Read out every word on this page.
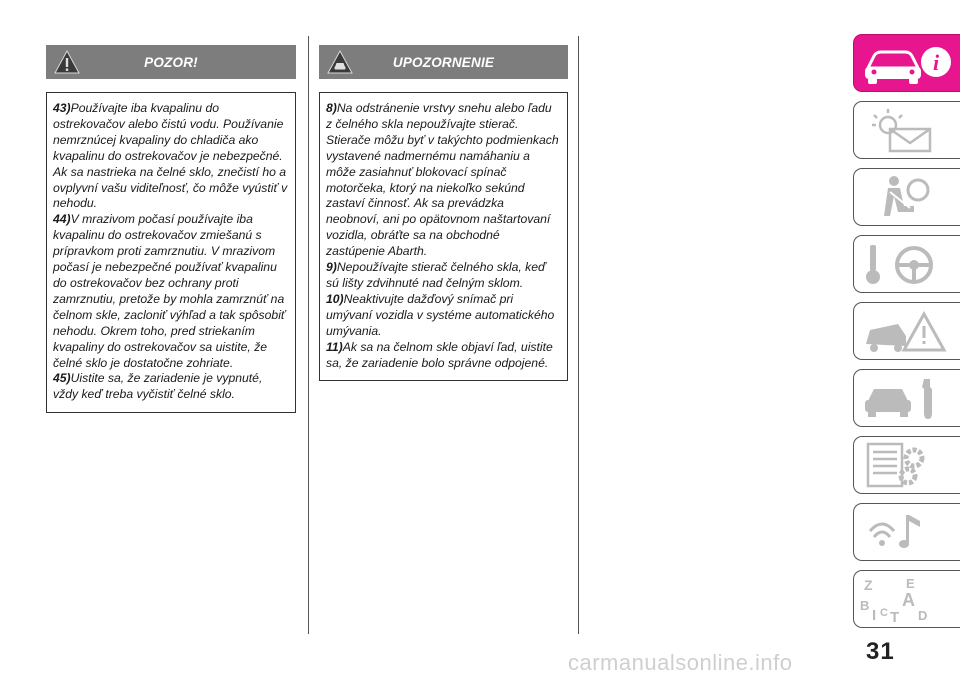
POZOR!

43)Používajte iba kvapalinu do ostrekovačov alebo čistú vodu. Používanie nemrznúcej kvapaliny do chladiča ako kvapalinu do ostrekovačov je nebezpečné. Ak sa nastrieka na čelné sklo, znečistí ho a ovplyvní vašu viditeľnosť, čo môže vyústiť v nehodu.

44)V mrazivom počasí používajte iba kvapalinu do ostrekovačov zmiešanú s prípravkom proti zamrznutiu. V mrazivom počasí je nebezpečné používať kvapalinu do ostrekovačov bez ochrany proti zamrznutiu, pretože by mohla zamrznúť na čelnom skle, zacloniť výhľad a tak spôsobiť nehodu. Okrem toho, pred striekaním kvapaliny do ostrekovačov sa uistite, že čelné sklo je dostatočne zohriate.

45)Uistite sa, že zariadenie je vypnuté, vždy keď treba vyčistiť čelné sklo.

UPOZORNENIE

8)Na odstránenie vrstvy snehu alebo ľadu z čelného skla nepoužívajte stierač. Stierače môžu byť v takýchto podmienkach vystavené nadmernému namáhaniu a môže zasiahnuť blokovací spínač motorčeka, ktorý na niekoľko sekúnd zastaví činnosť. Ak sa prevádzka neobnoví, ani po opätovnom naštartovaní vozidla, obráťte sa na obchodné zastúpenie Abarth.

9)Nepoužívajte stierač čelného skla, keď sú lišty zdvihnuté nad čelným sklom.

10)Neaktivujte dažďový snímač pri umývaní vozidla v systéme automatického umývania.

11)Ak sa na čelnom skle objaví ľad, uistite sa, že zariadenie bolo správne odpojené.

i
Z	E
B A
I C T D
31
carmanualsonline.info
